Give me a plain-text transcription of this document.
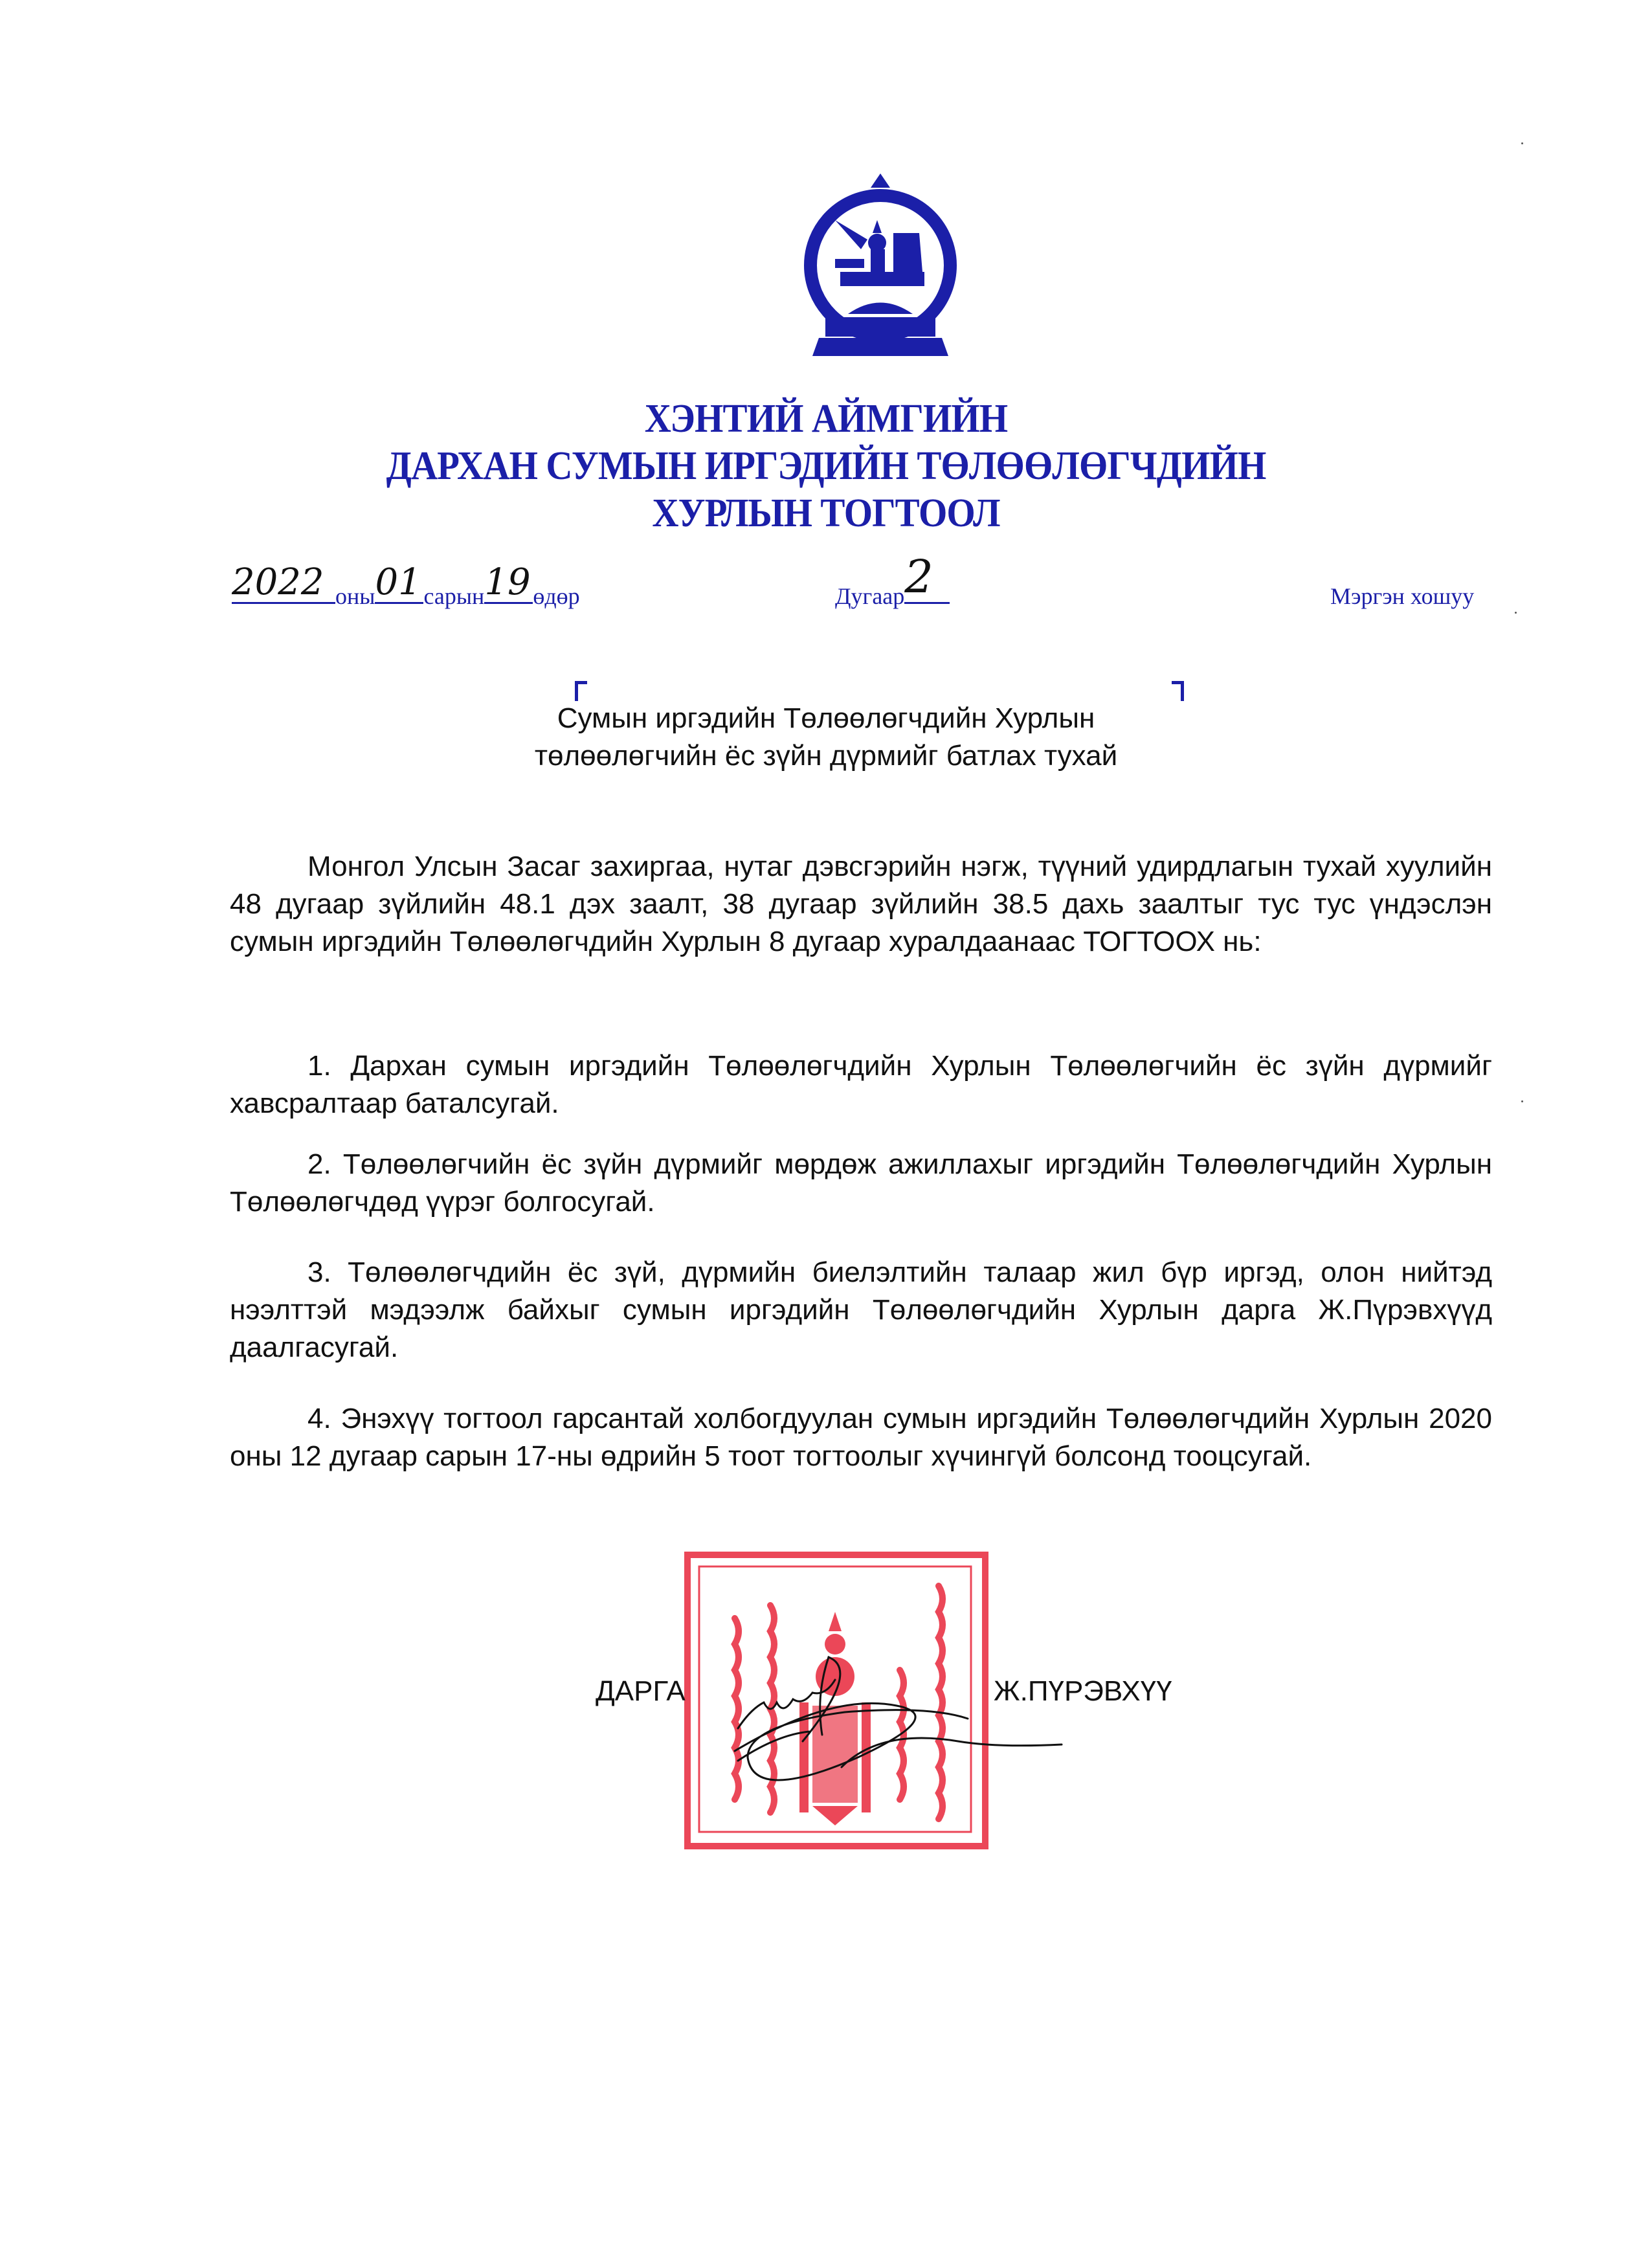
ХЭНТИЙ АЙМГИЙН
ДАРХАН СУМЫН ИРГЭДИЙН ТӨЛӨӨЛӨГЧДИЙН
ХУРЛЫН ТОГТООЛ
2022 оны 01 сарын 19 өдөр	Дугаар 2	Мэргэн хошуу
Сумын иргэдийн Төлөөлөгчдийн Хурлын
төлөөлөгчийн ёс зүйн дүрмийг батлах тухай

Монгол Улсын Засаг захиргаа, нутаг дэвсгэрийн нэгж, түүний удирдлагын тухай хуулийн 48 дугаар зүйлийн 48.1 дэх заалт, 38 дугаар зүйлийн 38.5 дахь заалтыг тус тус үндэслэн сумын иргэдийн Төлөөлөгчдийн Хурлын 8 дугаар хуралдаанаас ТОГТООХ нь:

1. Дархан сумын иргэдийн Төлөөлөгчдийн Хурлын Төлөөлөгчийн ёс зүйн дүрмийг хавсралтаар баталсугай.

2. Төлөөлөгчийн ёс зүйн дүрмийг мөрдөж ажиллахыг иргэдийн Төлөөлөгчдийн Хурлын Төлөөлөгчдөд үүрэг болгосугай.

3. Төлөөлөгчдийн ёс зүй, дүрмийн биелэлтийн талаар жил бүр иргэд, олон нийтэд нээлттэй мэдээлж байхыг сумын иргэдийн Төлөөлөгчдийн Хурлын дарга Ж.Пүрэвхүүд даалгасугай.

4. Энэхүү тогтоол гарсантай холбогдуулан сумын иргэдийн Төлөөлөгчдийн Хурлын 2020 оны 12 дугаар сарын 17-ны өдрийн 5 тоот тогтоолыг хүчингүй болсонд тооцсугай.

ДАРГА	Ж.ПҮРЭВХҮҮ
